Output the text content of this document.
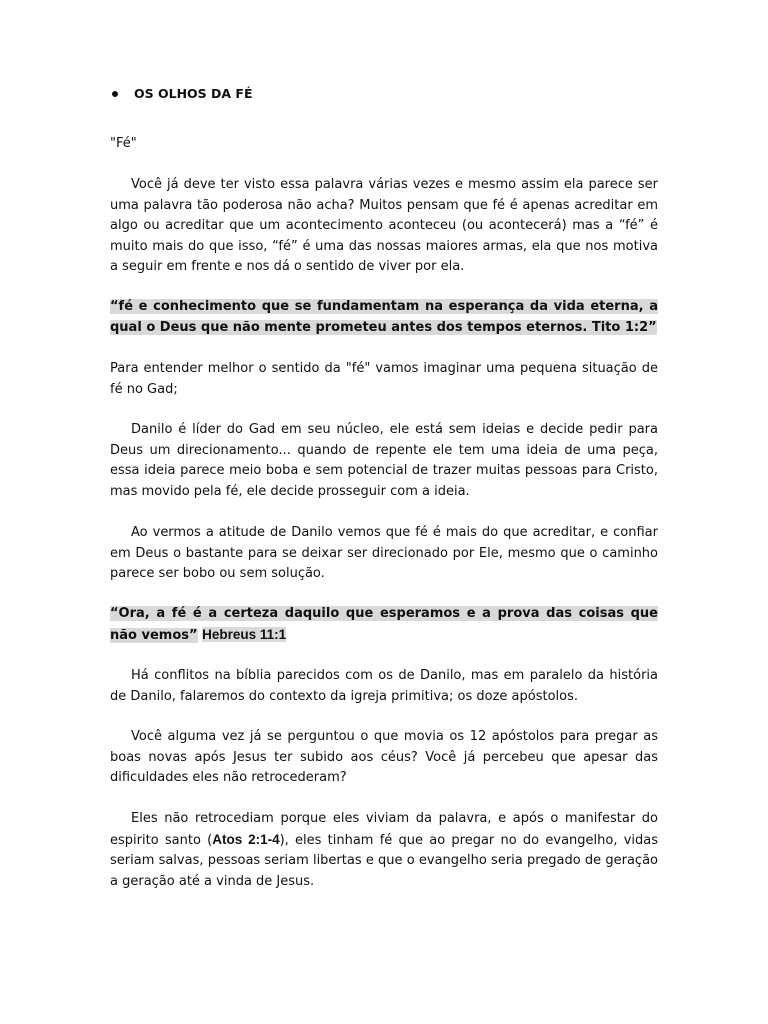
OS OLHOS DA FÉ

"Fé"

Você já deve ter visto essa palavra várias vezes e mesmo assim ela parece ser uma palavra tão poderosa não acha? Muitos pensam que fé é apenas acreditar em algo ou acreditar que um acontecimento aconteceu (ou acontecerá) mas a “fé” é muito mais do que isso, “fé” é uma das nossas maiores armas, ela que nos motiva a seguir em frente e nos dá o sentido de viver por ela.

“fé e conhecimento que se fundamentam na esperança da vida eterna, a qual o Deus que não mente prometeu antes dos tempos eternos. Tito 1:2”

Para entender melhor o sentido da "fé" vamos imaginar uma pequena situação de fé no Gad;

Danilo é líder do Gad em seu núcleo, ele está sem ideias e decide pedir para Deus um direcionamento... quando de repente ele tem uma ideia de uma peça, essa ideia parece meio boba e sem potencial de trazer muitas pessoas para Cristo, mas movido pela fé, ele decide prosseguir com a ideia.

Ao vermos a atitude de Danilo vemos que fé é mais do que acreditar, e confiar em Deus o bastante para se deixar ser direcionado por Ele, mesmo que o caminho parece ser bobo ou sem solução.

“Ora, a fé é a certeza daquilo que esperamos e a prova das coisas que não vemos” Hebreus 11:1

Há conflitos na bíblia parecidos com os de Danilo, mas em paralelo da história de Danilo, falaremos do contexto da igreja primitiva; os doze apóstolos.

Você alguma vez já se perguntou o que movia os 12 apóstolos para pregar as boas novas após Jesus ter subido aos céus? Você já percebeu que apesar das dificuldades eles não retrocederam?

Eles não retrocediam porque eles viviam da palavra, e após o manifestar do espirito santo (Atos 2:1-4), eles tinham fé que ao pregar no do evangelho, vidas seriam salvas, pessoas seriam libertas e que o evangelho seria pregado de geração a geração até a vinda de Jesus.
